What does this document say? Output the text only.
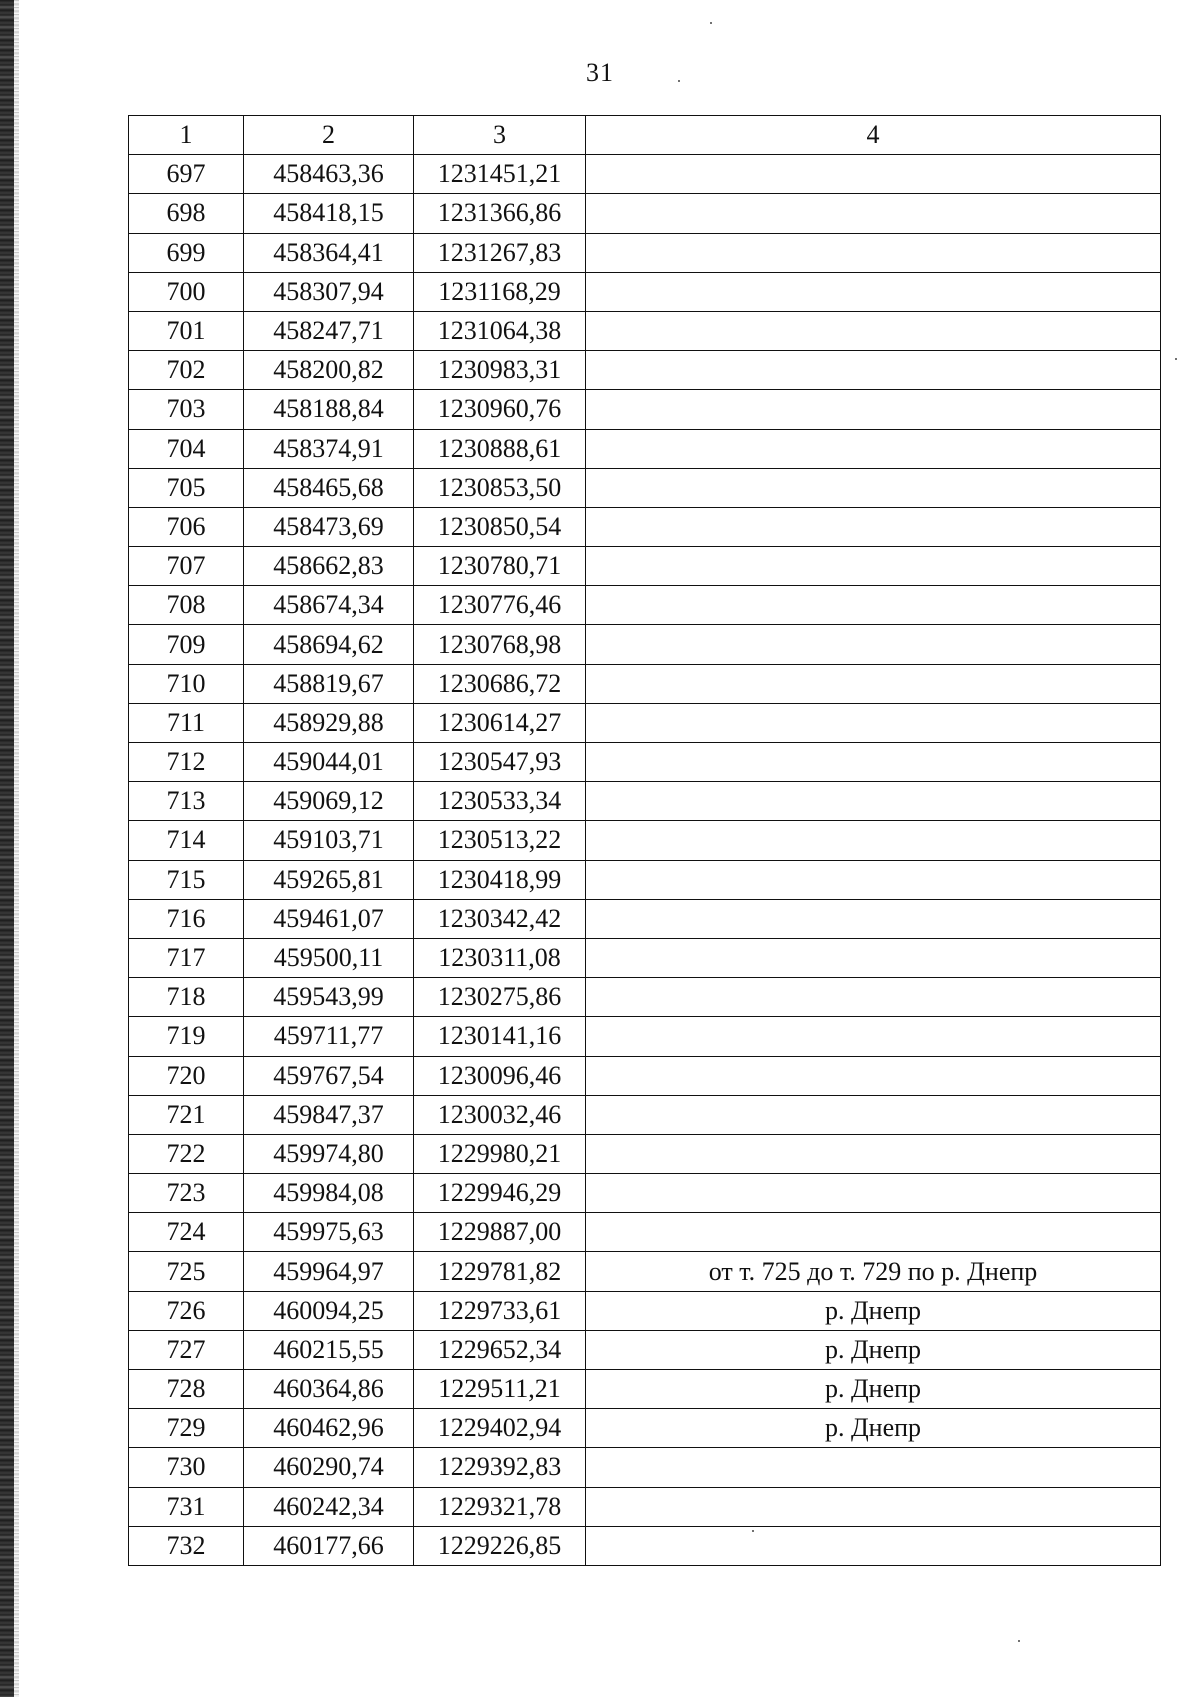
31
1	2	3	4
697	458463,36	1231451,21	
698	458418,15	1231366,86	
699	458364,41	1231267,83	
700	458307,94	1231168,29	
701	458247,71	1231064,38	
702	458200,82	1230983,31	
703	458188,84	1230960,76	
704	458374,91	1230888,61	
705	458465,68	1230853,50	
706	458473,69	1230850,54	
707	458662,83	1230780,71	
708	458674,34	1230776,46	
709	458694,62	1230768,98	
710	458819,67	1230686,72	
711	458929,88	1230614,27	
712	459044,01	1230547,93	
713	459069,12	1230533,34	
714	459103,71	1230513,22	
715	459265,81	1230418,99	
716	459461,07	1230342,42	
717	459500,11	1230311,08	
718	459543,99	1230275,86	
719	459711,77	1230141,16	
720	459767,54	1230096,46	
721	459847,37	1230032,46	
722	459974,80	1229980,21	
723	459984,08	1229946,29	
724	459975,63	1229887,00	
725	459964,97	1229781,82	от т. 725 до т. 729 по р. Днепр
726	460094,25	1229733,61	р. Днепр
727	460215,55	1229652,34	р. Днепр
728	460364,86	1229511,21	р. Днепр
729	460462,96	1229402,94	р. Днепр
730	460290,74	1229392,83	
731	460242,34	1229321,78	
732	460177,66	1229226,85	
